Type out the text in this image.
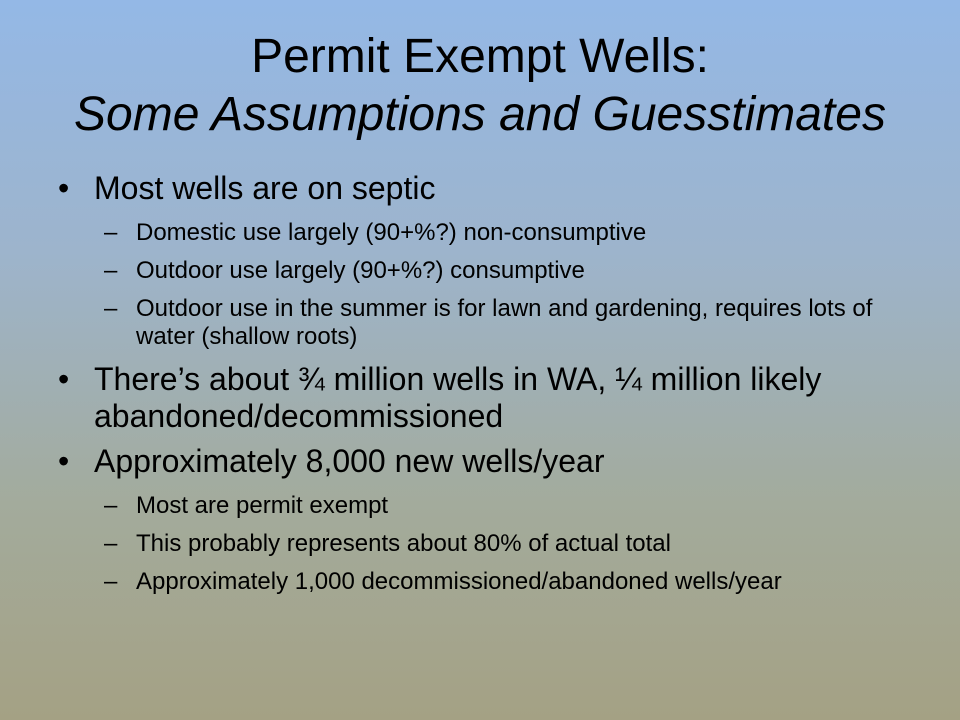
Permit Exempt Wells:
Some Assumptions and Guesstimates
• Most wells are on septic
– Domestic use largely (90+%?) non-consumptive
– Outdoor use largely (90+%?) consumptive
– Outdoor use in the summer is for lawn and gardening, requires lots of water (shallow roots)
• There’s about ¾ million wells in WA, ¼ million likely abandoned/decommissioned
• Approximately 8,000 new wells/year
– Most are permit exempt
– This probably represents about 80% of actual total
– Approximately 1,000 decommissioned/abandoned wells/year
